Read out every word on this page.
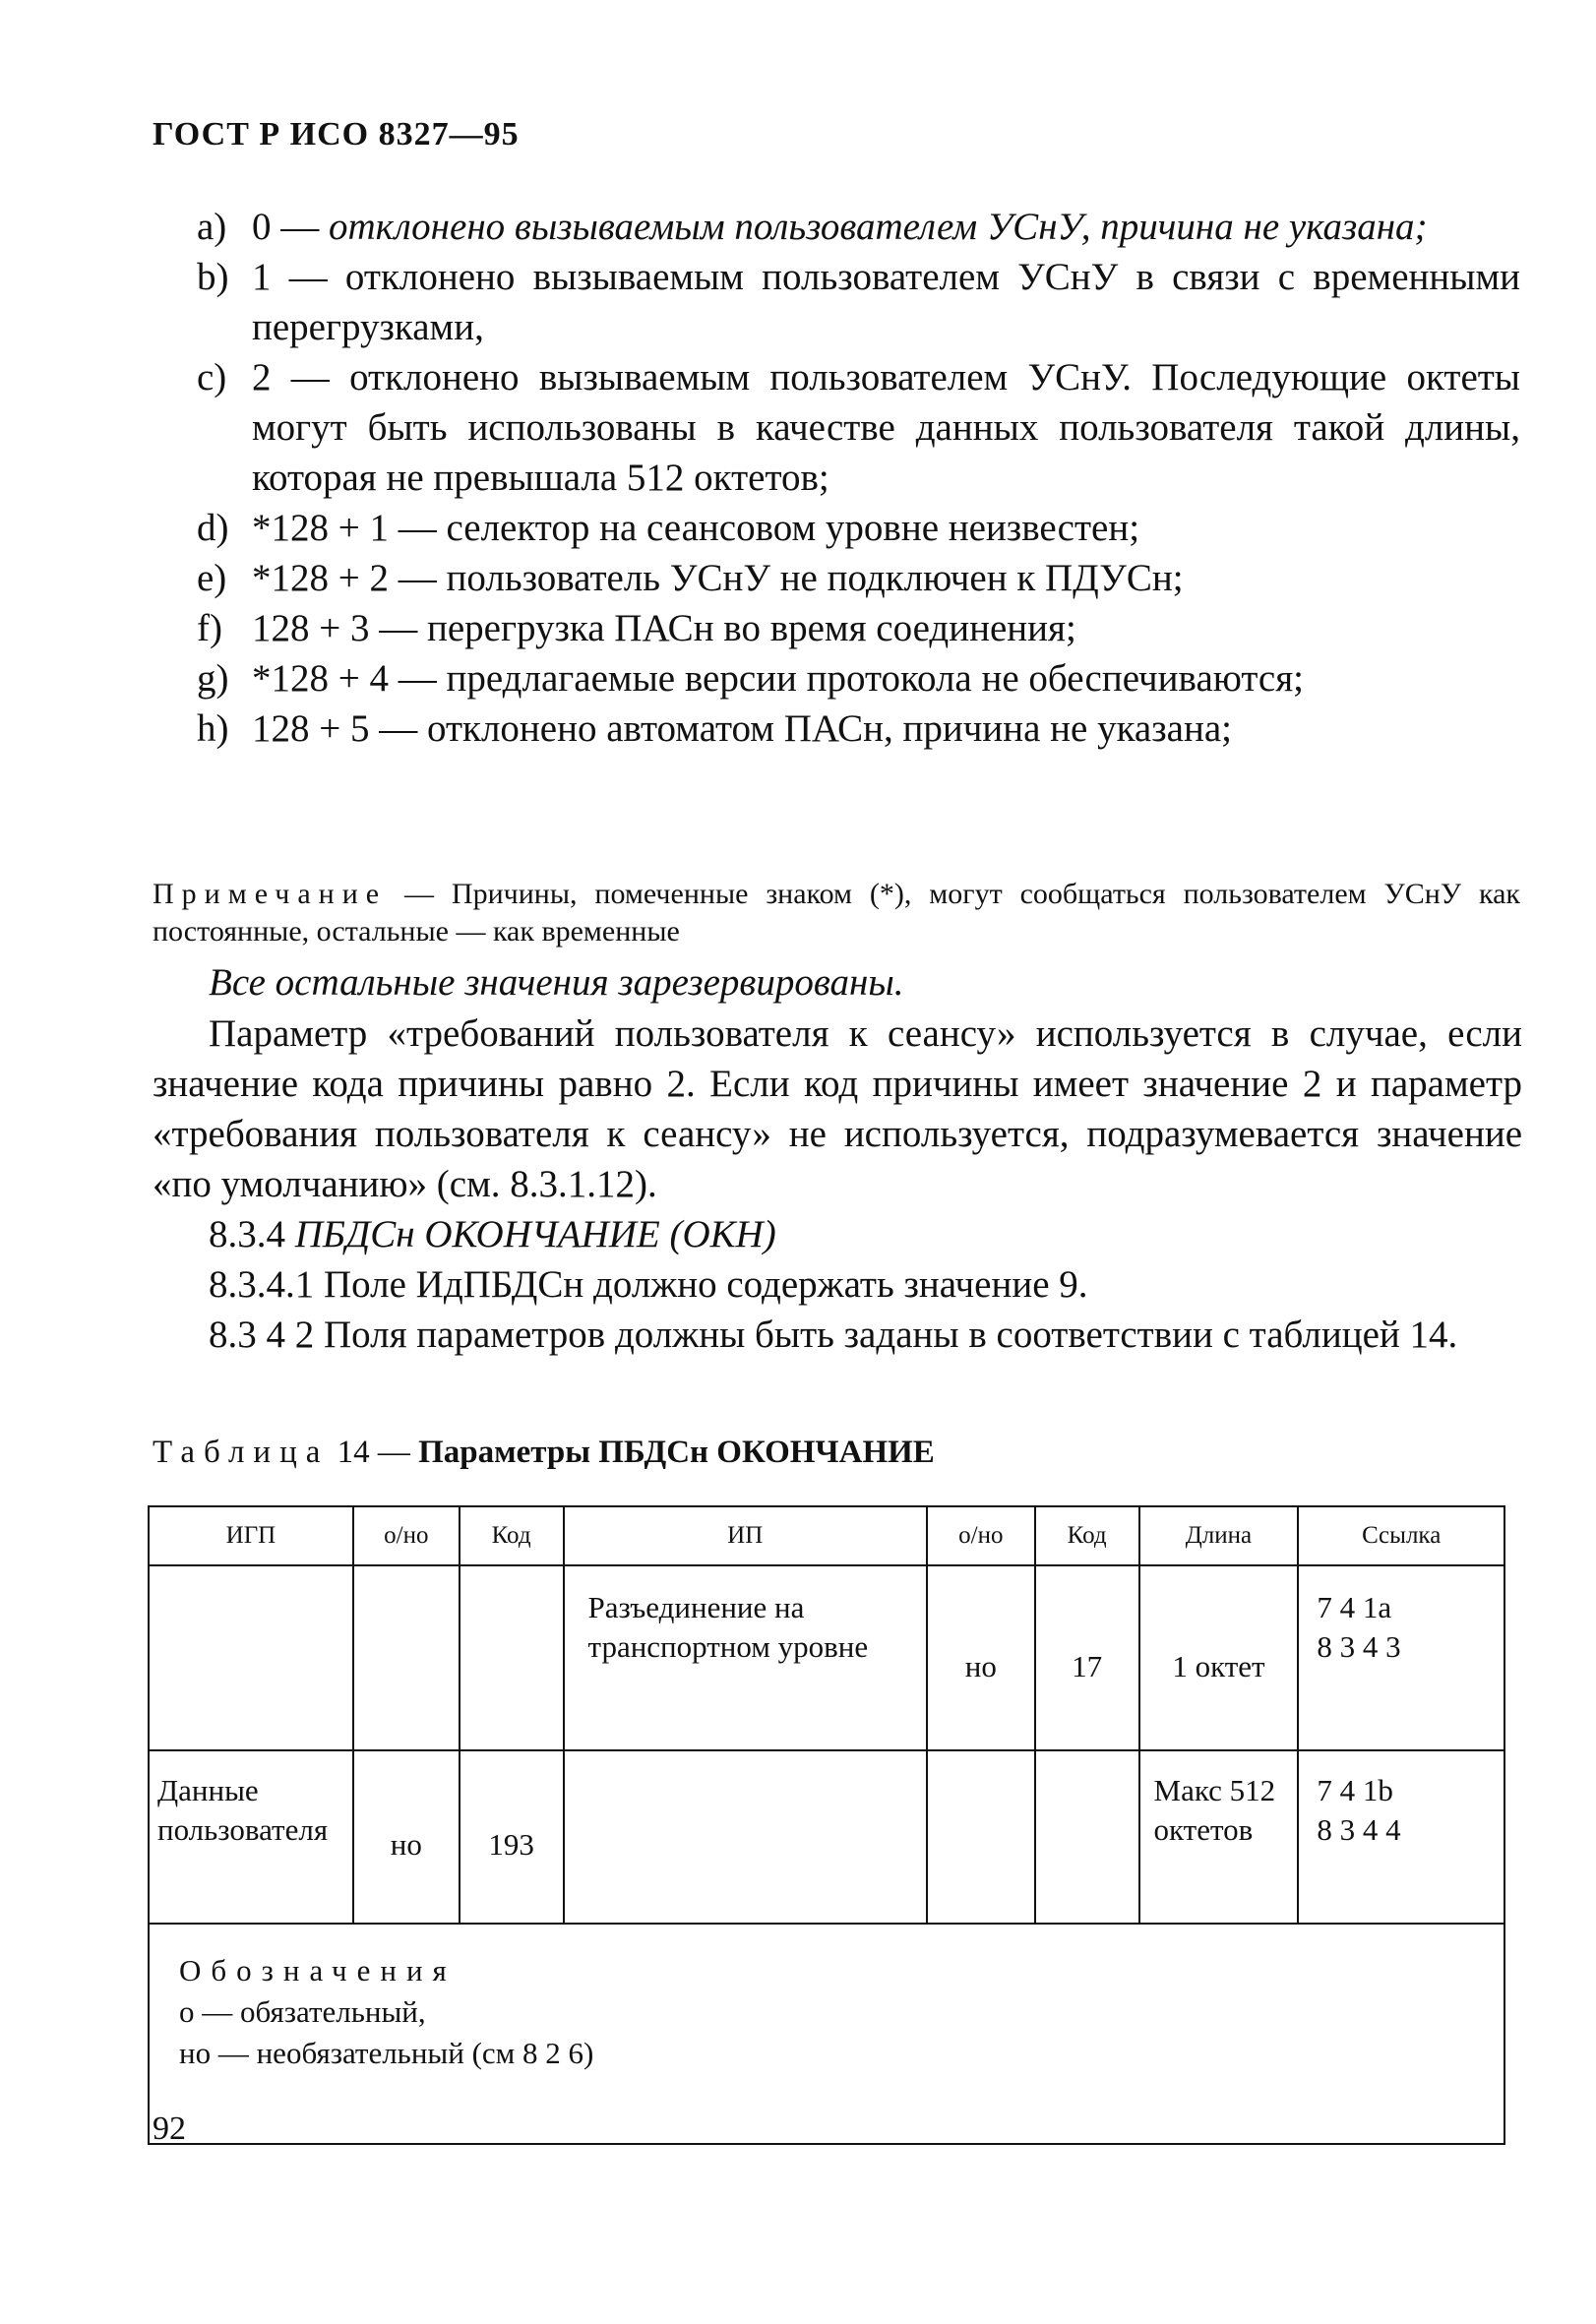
ГОСТ Р ИСО 8327—95
a) 0 — отклонено вызываемым пользователем УСнУ, причина не указана;
b) 1 — отклонено вызываемым пользователем УСнУ в связи с временными перегрузками,
c) 2 — отклонено вызываемым пользователем УСнУ. Последующие октеты могут быть использованы в качестве данных пользователя такой длины, которая не превышала 512 октетов;
d) *128 + 1 — селектор на сеансовом уровне неизвестен;
e) *128 + 2 — пользователь УСнУ не подключен к ПДУСн;
f) 128 + 3 — перегрузка ПАСн во время соединения;
g) *128 + 4 — предлагаемые версии протокола не обеспечиваются;
h) 128 + 5 — отклонено автоматом ПАСн, причина не указана;
Примечание — Причины, помеченные знаком (*), могут сообщаться пользователем УСнУ как постоянные, остальные — как временные
Все остальные значения зарезервированы.
Параметр «требований пользователя к сеансу» используется в случае, если значение кода причины равно 2. Если код причины имеет значение 2 и параметр «требования пользователя к сеансу» не используется, подразумевается значение «по умолчанию» (см. 8.3.1.12).
8.3.4 ПБДСн ОКОНЧАНИЕ (ОКН)
8.3.4.1 Поле ИдПБДСн должно содержать значение 9.
8.3 4 2 Поля параметров должны быть заданы в соответствии с таблицей 14.
Таблица 14 — Параметры ПБДСн ОКОНЧАНИЕ
ИГП	о/но	Код	ИП	о/но	Код	Длина	Ссылка
			Разъединение на транспортном уровне	но	17	1 октет	7 4 1а
8 3 4 3
Данные пользователя	но	193				Макс 512 октетов	7 4 1b
8 3 4 4

Обозначения
о — обязательный,
но — необязательный (см 8 2 6)							
92
